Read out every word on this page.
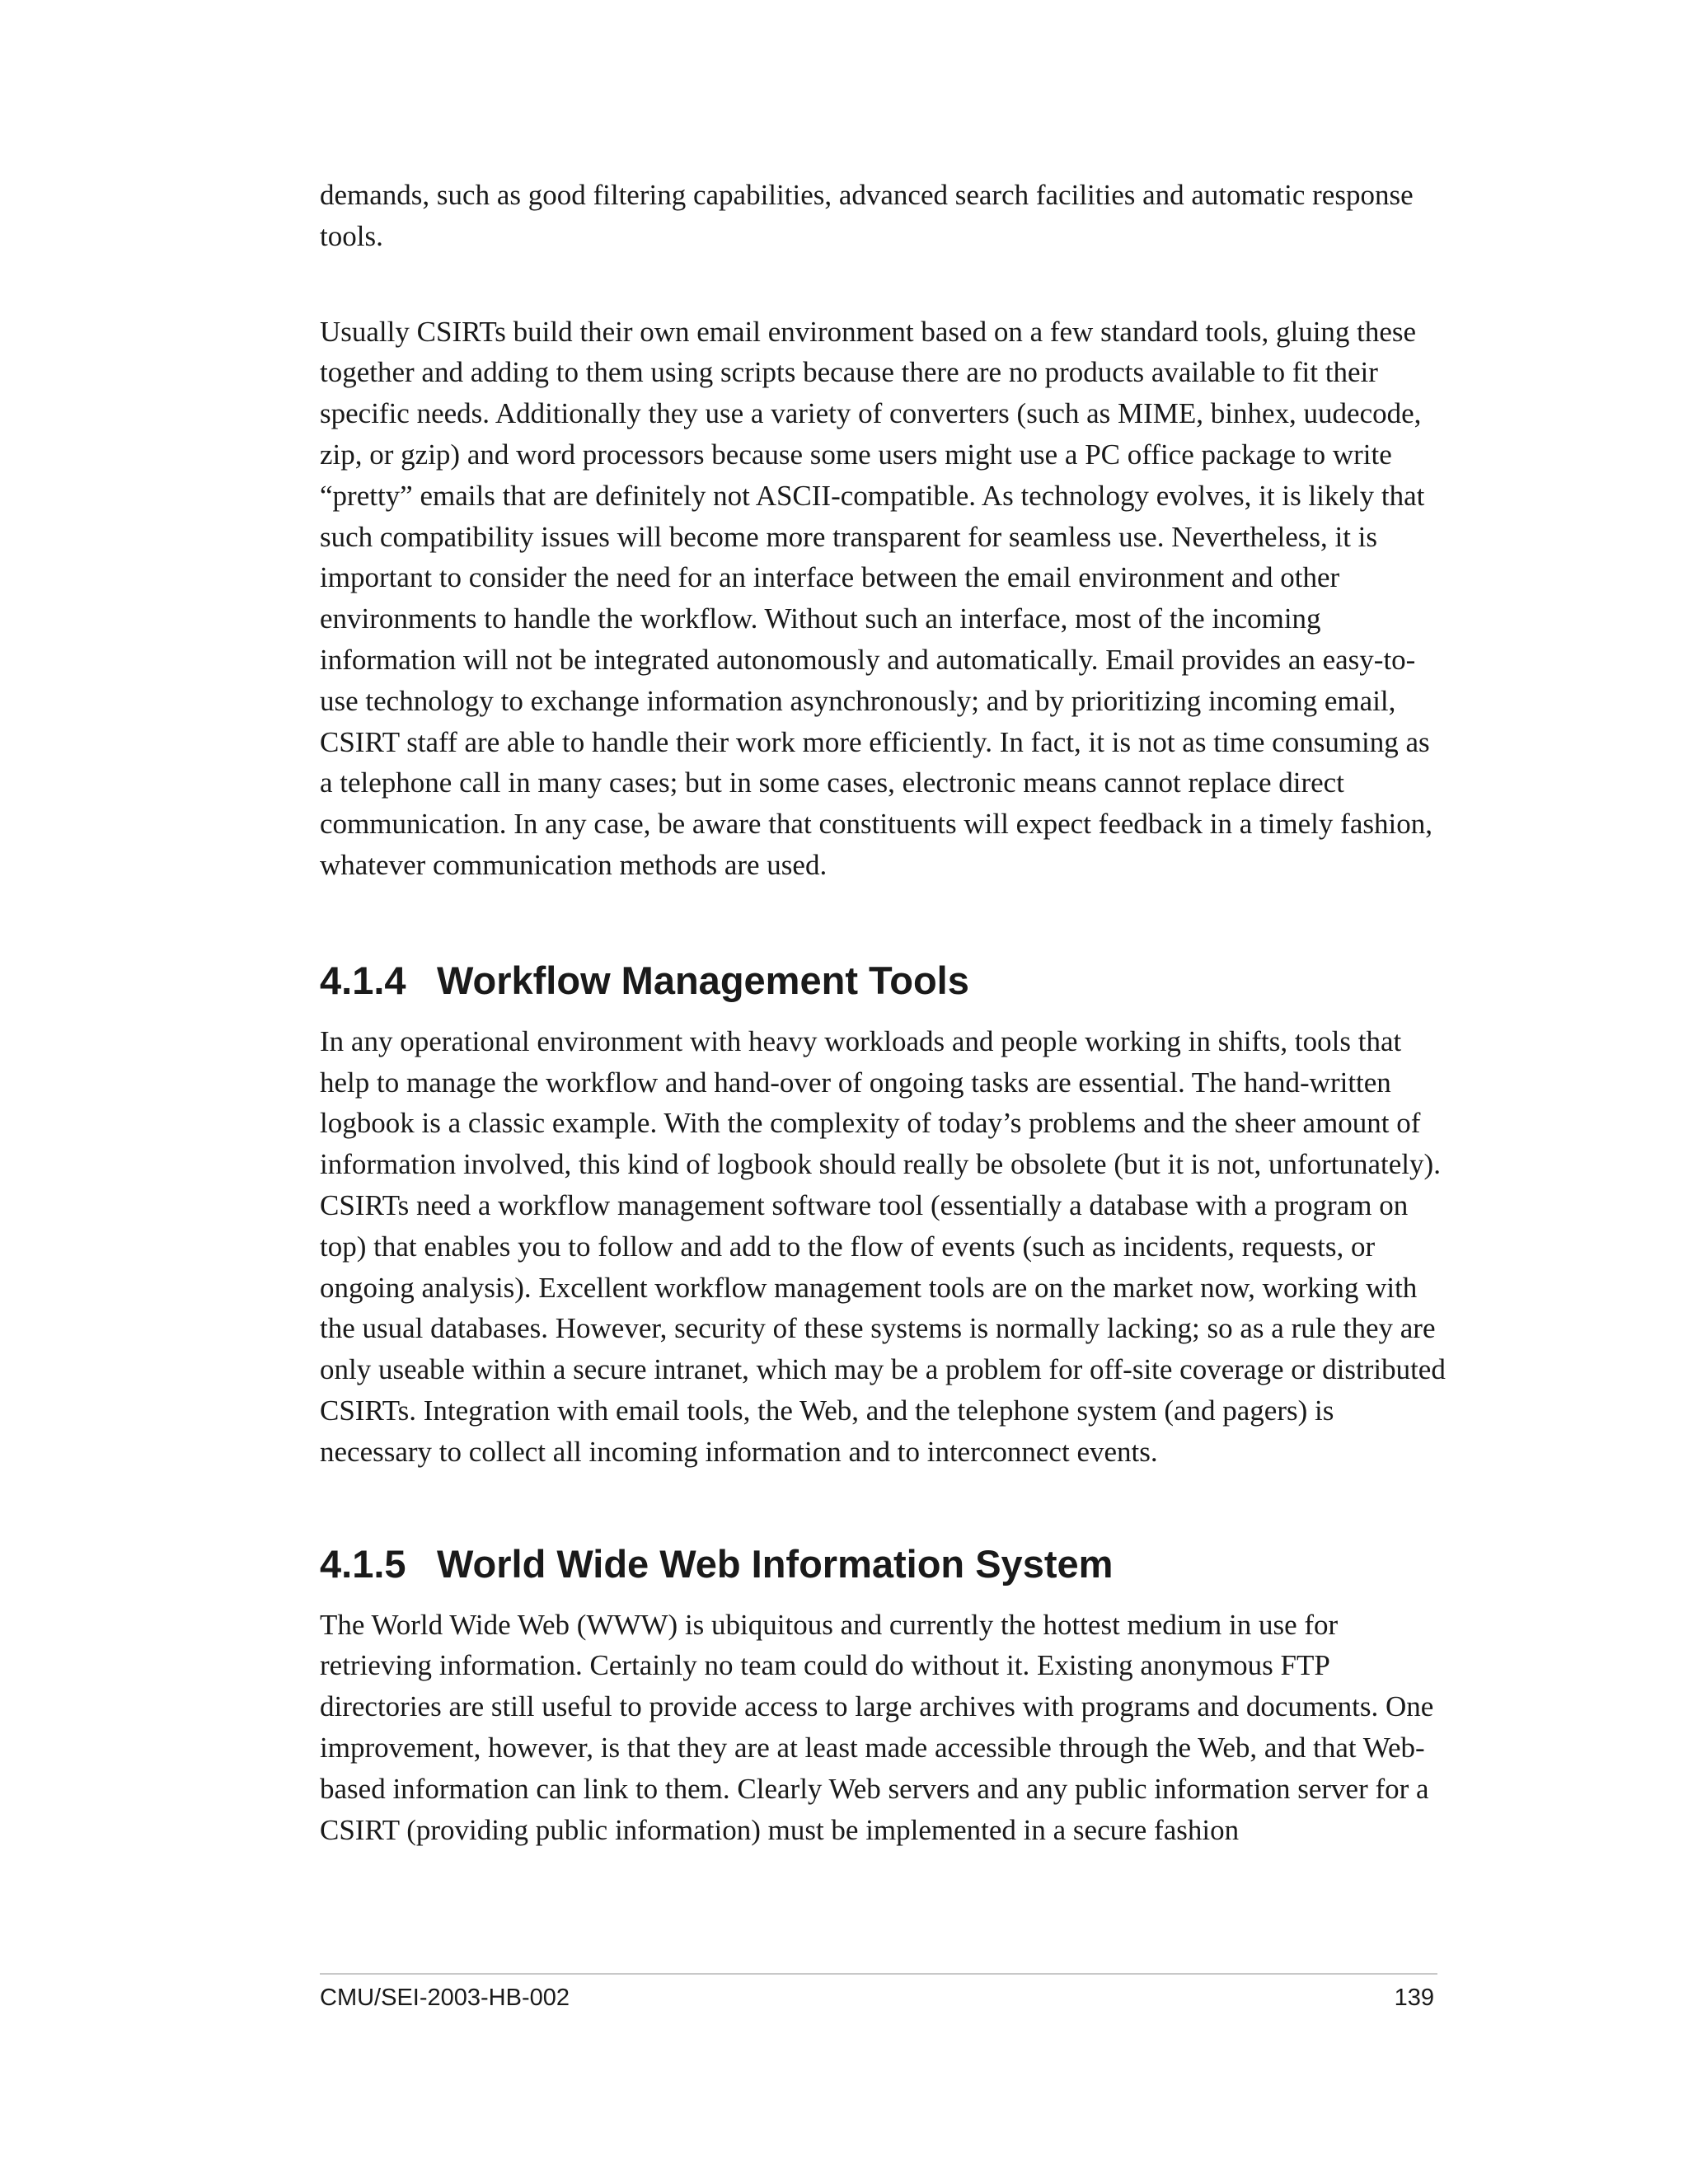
demands, such as good filtering capabilities, advanced search facilities and automatic response tools.

Usually CSIRTs build their own email environment based on a few standard tools, gluing these together and adding to them using scripts because there are no products available to fit their specific needs. Additionally they use a variety of converters (such as MIME, binhex, uudecode, zip, or gzip) and word processors because some users might use a PC office package to write “pretty” emails that are definitely not ASCII-compatible. As technology evolves, it is likely that such compatibility issues will become more transparent for seamless use. Nevertheless, it is important to consider the need for an interface between the email environment and other environments to handle the workflow. Without such an interface, most of the incoming information will not be integrated autonomously and automatically. Email provides an easy-to-use technology to exchange information asynchronously; and by prioritizing incoming email, CSIRT staff are able to handle their work more efficiently. In fact, it is not as time consuming as a telephone call in many cases; but in some cases, electronic means cannot replace direct communication. In any case, be aware that constituents will expect feedback in a timely fashion, whatever communication methods are used.

4.1.4 Workflow Management Tools

In any operational environment with heavy workloads and people working in shifts, tools that help to manage the workflow and hand-over of ongoing tasks are essential. The hand-written logbook is a classic example. With the complexity of today’s problems and the sheer amount of information involved, this kind of logbook should really be obsolete (but it is not, unfortunately). CSIRTs need a workflow management software tool (essentially a database with a program on top) that enables you to follow and add to the flow of events (such as incidents, requests, or ongoing analysis). Excellent workflow management tools are on the market now, working with the usual databases. However, security of these systems is normally lacking; so as a rule they are only useable within a secure intranet, which may be a problem for off-site coverage or distributed CSIRTs. Integration with email tools, the Web, and the telephone system (and pagers) is necessary to collect all incoming information and to interconnect events.

4.1.5 World Wide Web Information System

The World Wide Web (WWW) is ubiquitous and currently the hottest medium in use for retrieving information. Certainly no team could do without it. Existing anonymous FTP directories are still useful to provide access to large archives with programs and documents. One improvement, however, is that they are at least made accessible through the Web, and that Web-based information can link to them. Clearly Web servers and any public information server for a CSIRT (providing public information) must be implemented in a secure fashion

CMU/SEI-2003-HB-002	139
